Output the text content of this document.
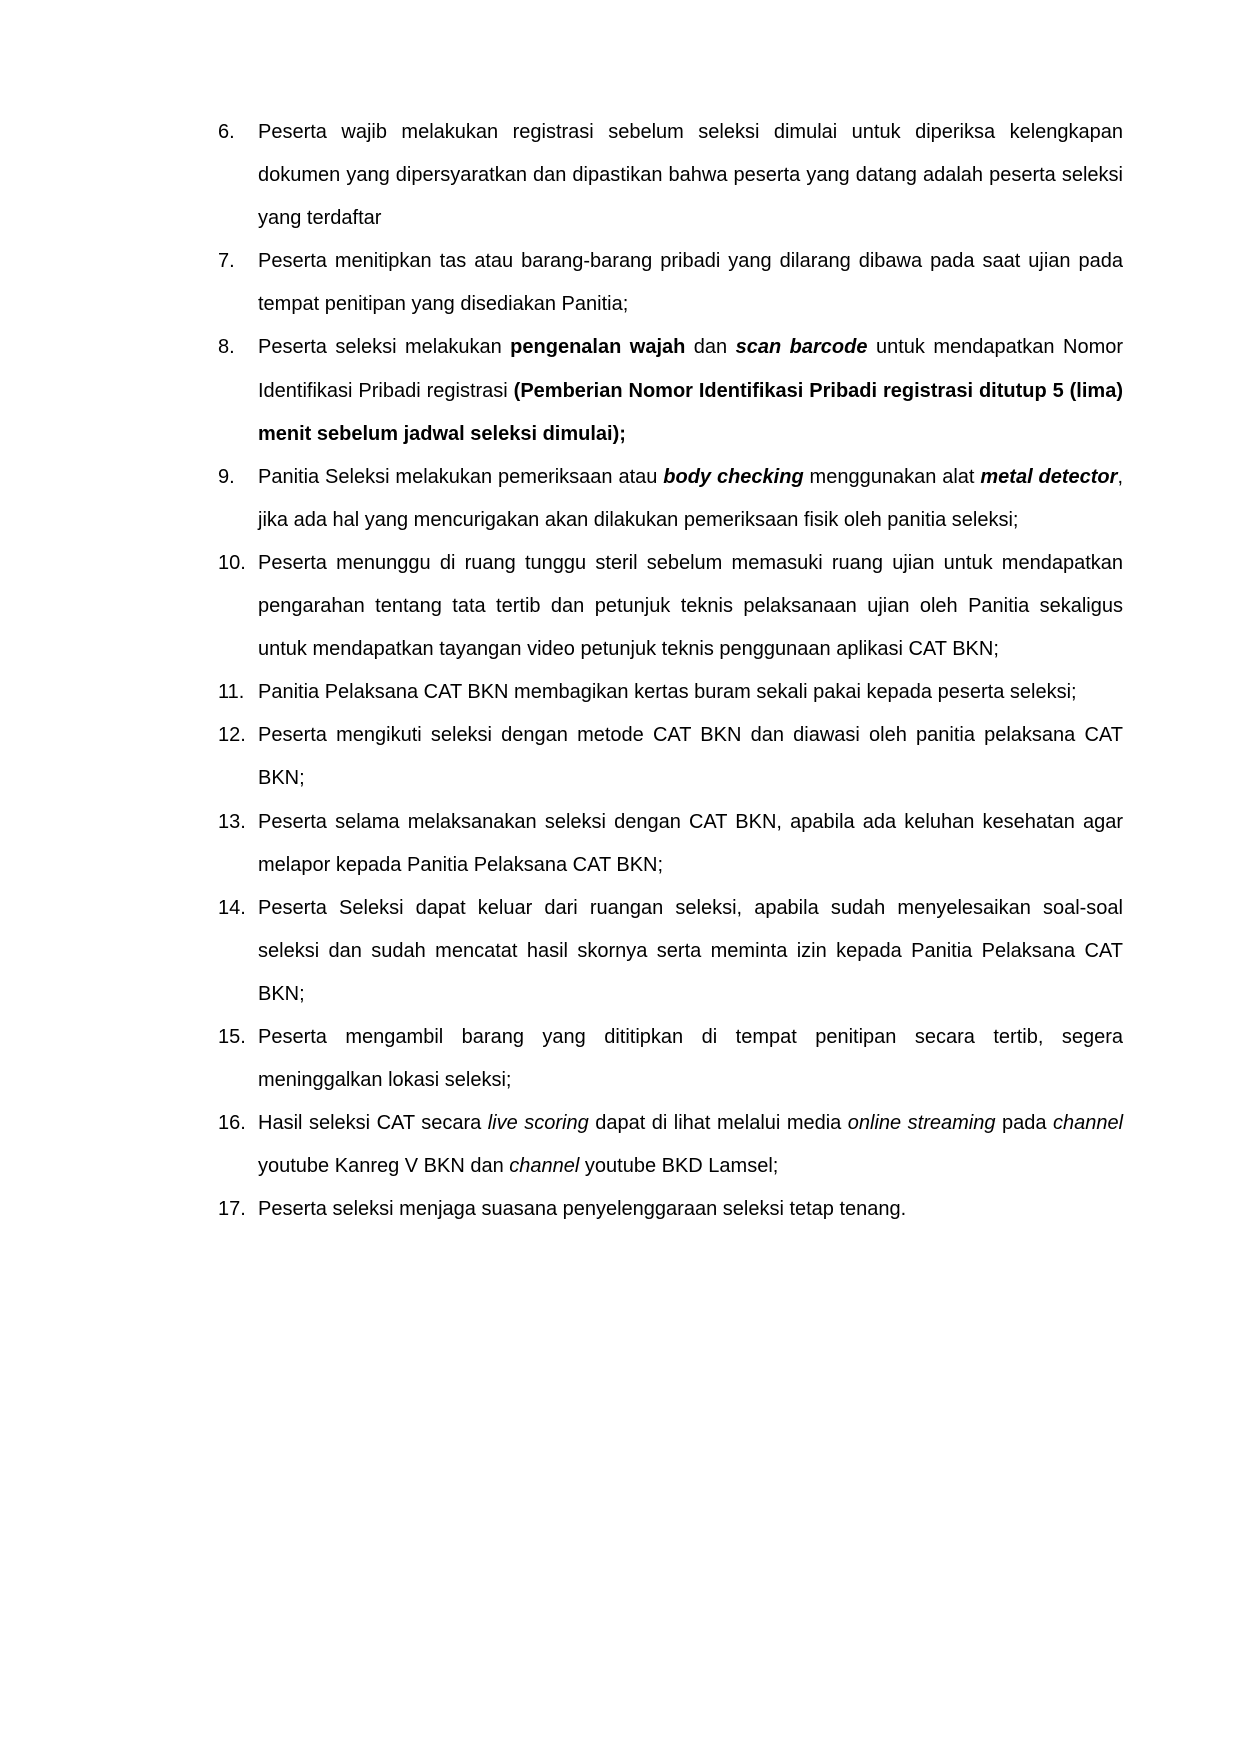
6. Peserta wajib melakukan registrasi sebelum seleksi dimulai untuk diperiksa kelengkapan dokumen yang dipersyaratkan dan dipastikan bahwa peserta yang datang adalah peserta seleksi yang terdaftar
7. Peserta menitipkan tas atau barang-barang pribadi yang dilarang dibawa pada saat ujian pada tempat penitipan yang disediakan Panitia;
8. Peserta seleksi melakukan pengenalan wajah dan scan barcode untuk mendapatkan Nomor Identifikasi Pribadi registrasi (Pemberian Nomor Identifikasi Pribadi registrasi ditutup 5 (lima) menit sebelum jadwal seleksi dimulai);
9. Panitia Seleksi melakukan pemeriksaan atau body checking menggunakan alat metal detector, jika ada hal yang mencurigakan akan dilakukan pemeriksaan fisik oleh panitia seleksi;
10. Peserta menunggu di ruang tunggu steril sebelum memasuki ruang ujian untuk mendapatkan pengarahan tentang tata tertib dan petunjuk teknis pelaksanaan ujian oleh Panitia sekaligus untuk mendapatkan tayangan video petunjuk teknis penggunaan aplikasi CAT BKN;
11. Panitia Pelaksana CAT BKN membagikan kertas buram sekali pakai kepada peserta seleksi;
12. Peserta mengikuti seleksi dengan metode CAT BKN dan diawasi oleh panitia pelaksana CAT BKN;
13. Peserta selama melaksanakan seleksi dengan CAT BKN, apabila ada keluhan kesehatan agar melapor kepada Panitia Pelaksana CAT BKN;
14. Peserta Seleksi dapat keluar dari ruangan seleksi, apabila sudah menyelesaikan soal-soal seleksi dan sudah mencatat hasil skornya serta meminta izin kepada Panitia Pelaksana CAT BKN;
15. Peserta mengambil barang yang dititipkan di tempat penitipan secara tertib, segera meninggalkan lokasi seleksi;
16. Hasil seleksi CAT secara live scoring dapat di lihat melalui media online streaming pada channel youtube Kanreg V BKN dan channel youtube BKD Lamsel;
17. Peserta seleksi menjaga suasana penyelenggaraan seleksi tetap tenang.
